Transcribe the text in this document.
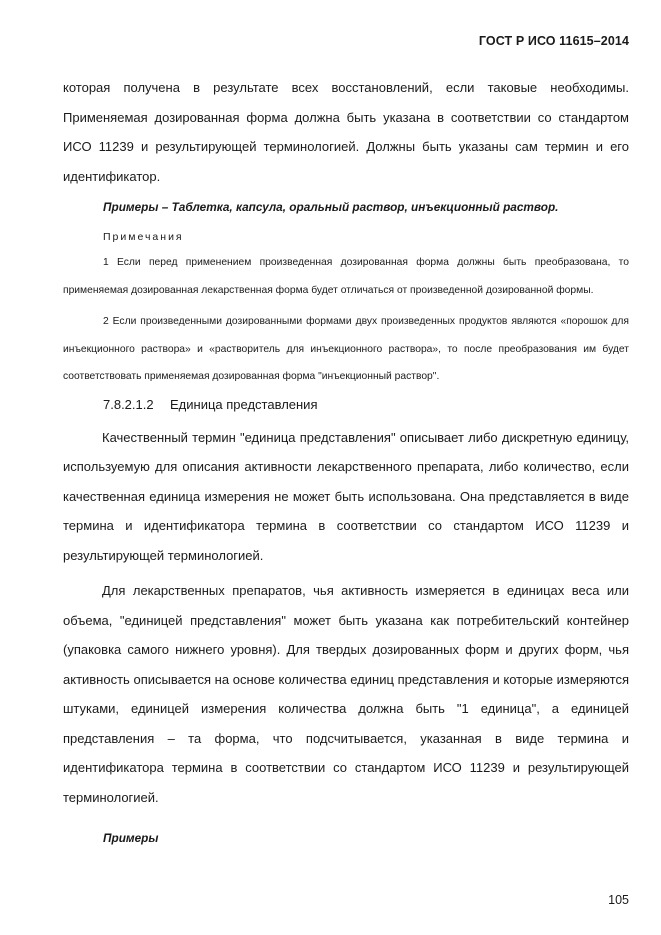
ГОСТ Р ИСО 11615–2014

которая получена в результате всех восстановлений, если таковые необходимы. Применяемая дозированная форма должна быть указана в соответствии со стандартом ИСО 11239 и результирующей терминологией. Должны быть указаны сам термин и его идентификатор.

Примеры – Таблетка, капсула, оральный раствор, инъекционный раствор.
Примечания

1 Если перед применением произведенная дозированная форма должны быть преобразована, то применяемая дозированная лекарственная форма будет отличаться от произведенной дозированной формы.

2 Если произведенными дозированными формами двух произведенных продуктов являются «порошок для инъекционного раствора» и «растворитель для инъекционного раствора», то после преобразования им будет соответствовать применяемая дозированная форма "инъекционный раствор".

7.8.2.1.2 Единица представления

Качественный термин "единица представления" описывает либо дискретную единицу, используемую для описания активности лекарственного препарата, либо количество, если качественная единица измерения не может быть использована. Она представляется в виде термина и идентификатора термина в соответствии со стандартом ИСО 11239 и результирующей терминологией.

Для лекарственных препаратов, чья активность измеряется в единицах веса или объема, "единицей представления" может быть указана как потребительский контейнер (упаковка самого нижнего уровня). Для твердых дозированных форм и других форм, чья активность описывается на основе количества единиц представления и которые измеряются штуками, единицей измерения количества должна быть "1 единица", а единицей представления – та форма, что подсчитывается, указанная в виде термина и идентификатора термина в соответствии со стандартом ИСО 11239 и результирующей терминологией.

Примеры
105
